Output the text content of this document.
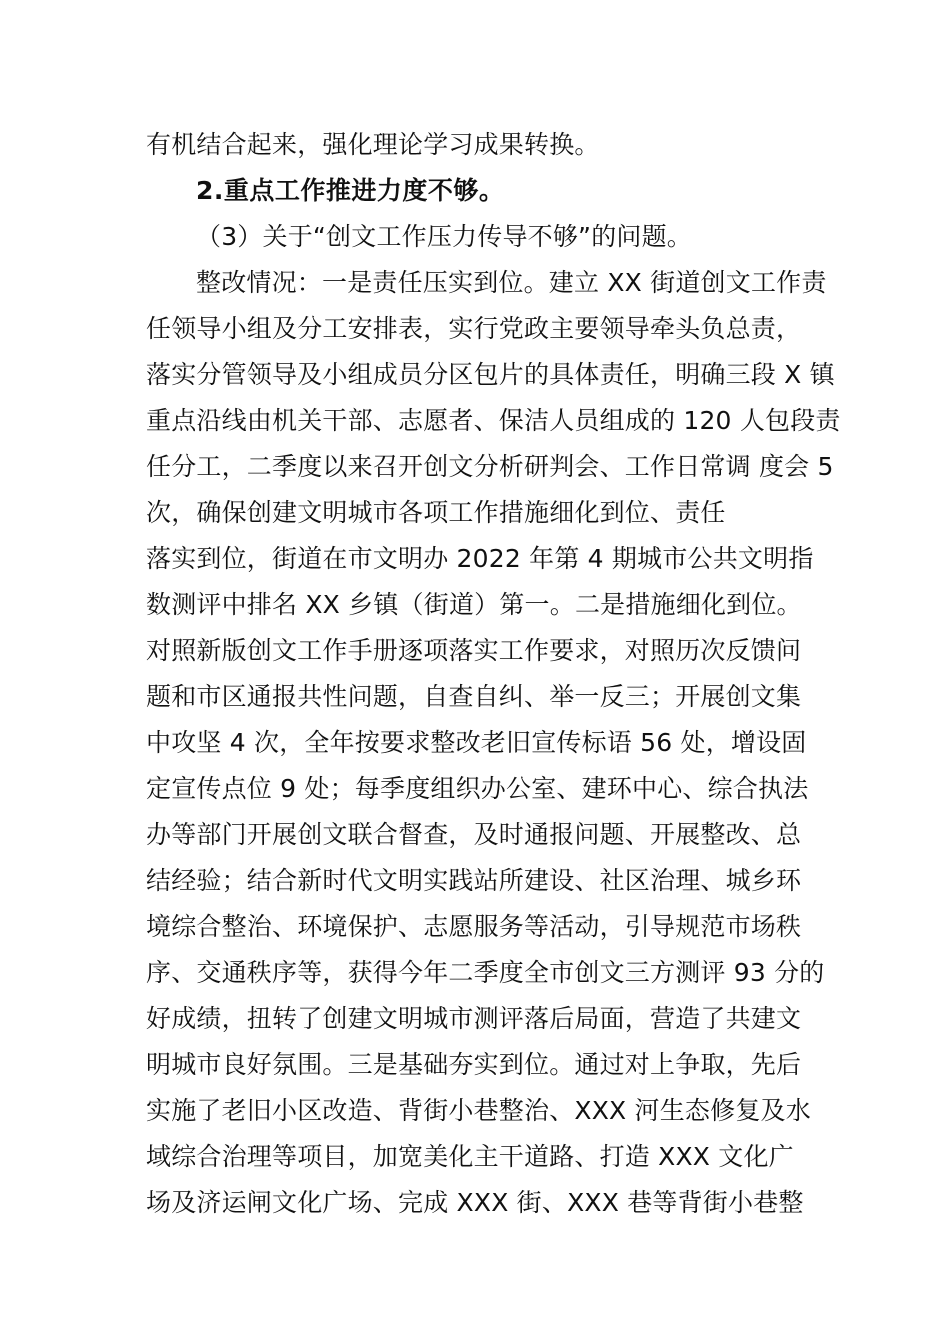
有机结合起来，强化理论学习成果转换。
2.重点工作推进力度不够。
（3）关于“创文工作压力传导不够”的问题。
整改情况：一是责任压实到位。建立 XX 街道创文工作责
任领导小组及分工安排表，实行党政主要领导牵头负总责，
落实分管领导及小组成员分区包片的具体责任，明确三段 X 镇
重点沿线由机关干部、志愿者、保洁人员组成的 120 人包段责
任分工，二季度以来召开创文分析研判会、工作日常调 度会 5
次，确保创建文明城市各项工作措施细化到位、责任
落实到位，街道在市文明办 2022 年第 4 期城市公共文明指
数测评中排名 XX 乡镇（街道）第一。二是措施细化到位。
对照新版创文工作手册逐项落实工作要求，对照历次反馈问
题和市区通报共性问题，自查自纠、举一反三；开展创文集
中攻坚 4 次，全年按要求整改老旧宣传标语 56 处，增设固
定宣传点位 9 处；每季度组织办公室、建环中心、综合执法
办等部门开展创文联合督查，及时通报问题、开展整改、总
结经验；结合新时代文明实践站所建设、社区治理、城乡环
境综合整治、环境保护、志愿服务等活动，引导规范市场秩
序、交通秩序等，获得今年二季度全市创文三方测评 93 分的
好成绩，扭转了创建文明城市测评落后局面，营造了共建文
明城市良好氛围。三是基础夯实到位。通过对上争取，先后
实施了老旧小区改造、背街小巷整治、XXX 河生态修复及水
域综合治理等项目，加宽美化主干道路、打造 XXX 文化广
场及济运闸文化广场、完成 XXX 街、XXX 巷等背街小巷整
